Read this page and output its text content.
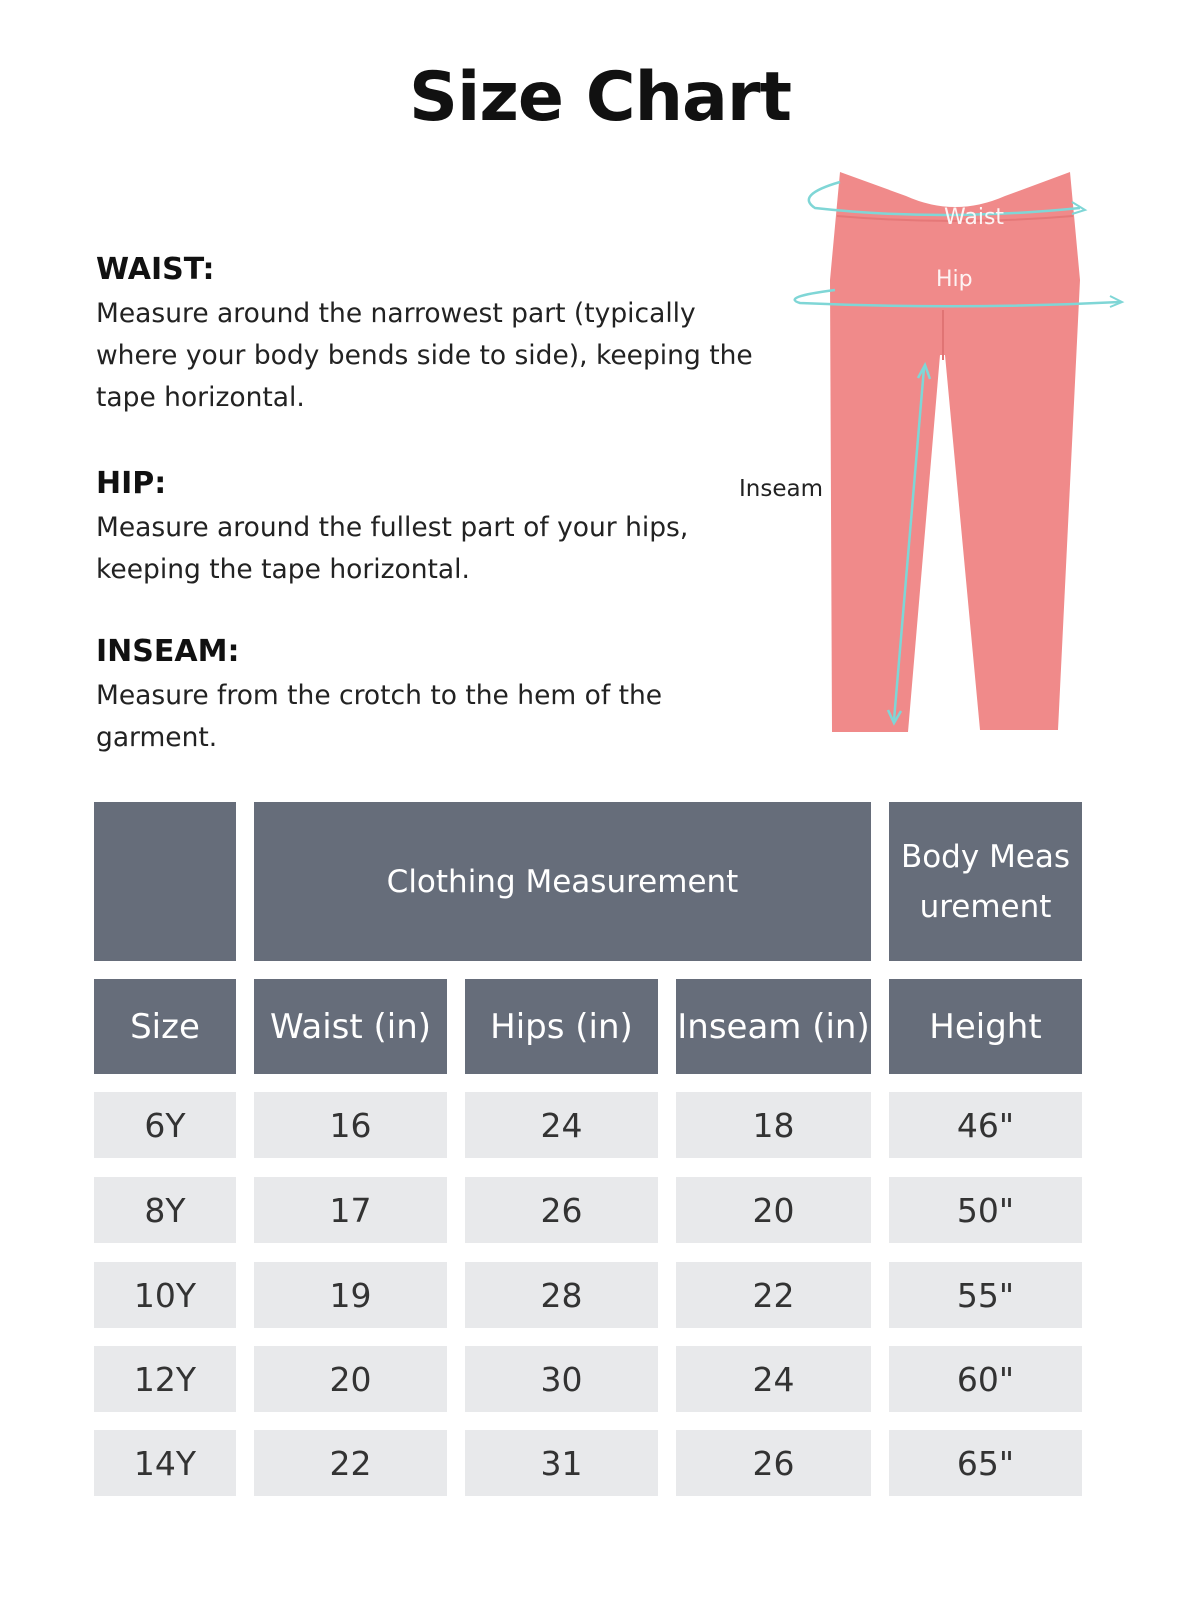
Size Chart
WAIST:
Measure around the narrowest part (typically where your body bends side to side), keeping the tape horizontal.
HIP:
Measure around the fullest part of your hips, keeping the tape horizontal.
INSEAM:
Measure from the crotch to the hem of the garment.
Waist
Hip
Inseam
Clothing Measurement
Body Measurement
Size	Waist (in)	Hips (in)	Inseam (in)	Height
6Y	16	24	18	46"
8Y	17	26	20	50"
10Y	19	28	22	55"
12Y	20	30	24	60"
14Y	22	31	26	65"
